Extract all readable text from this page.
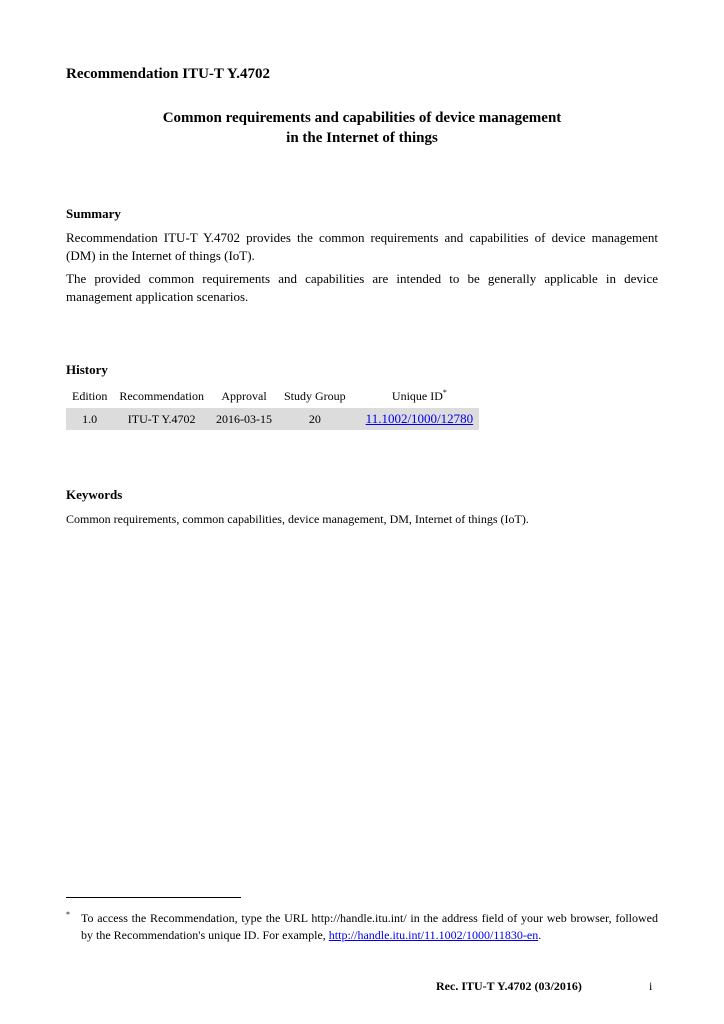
Recommendation ITU-T Y.4702
Common requirements and capabilities of device management
in the Internet of things
Summary

Recommendation ITU-T Y.4702 provides the common requirements and capabilities of device management (DM) in the Internet of things (IoT).

The provided common requirements and capabilities are intended to be generally applicable in device management application scenarios.

History
Edition	Recommendation	Approval	Study Group	Unique ID*
1.0	ITU-T Y.4702	2016-03-15	20	11.1002/1000/12780
Keywords
Common requirements, common capabilities, device management, DM, Internet of things (IoT).
* To access the Recommendation, type the URL http://handle.itu.int/ in the address field of your web browser, followed by the Recommendation's unique ID. For example, http://handle.itu.int/11.1002/1000/11830-en.

Rec. ITU-T Y.4702 (03/2016)	i
